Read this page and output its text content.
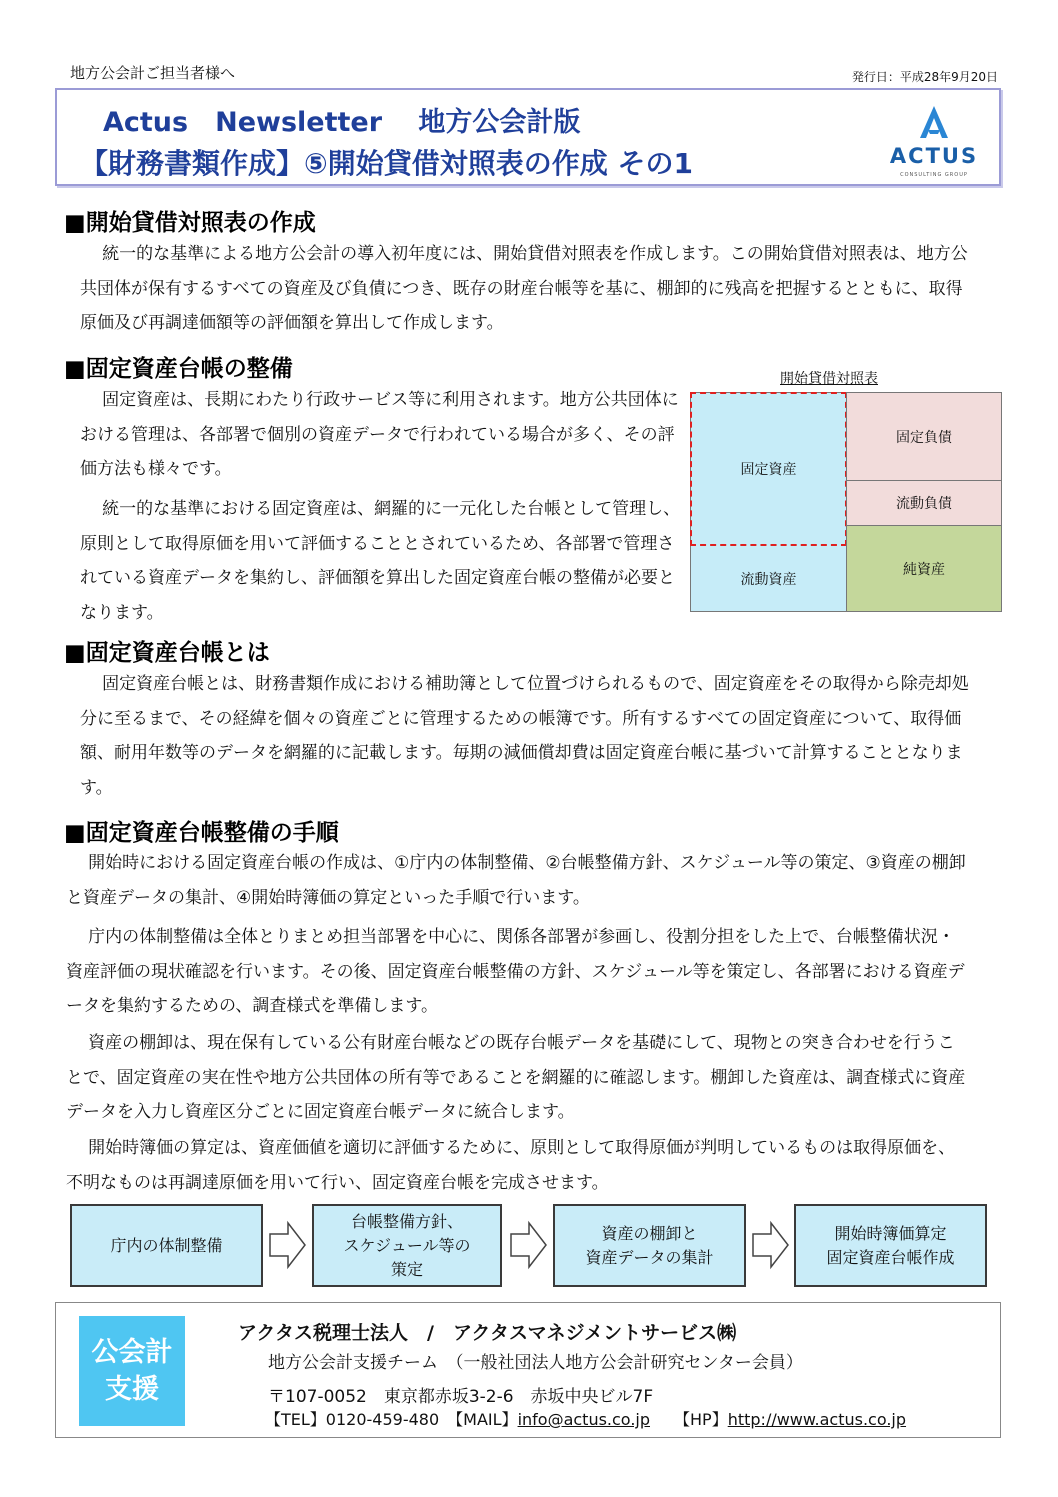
地方公会計ご担当者様へ	発行日：平成28年9月20日
Actus　Newsletter　 地方公会計版
【財務書類作成】⑤開始貸借対照表の作成 その1	ACTUS
CONSULTING GROUP
■開始貸借対照表の作成

統一的な基準による地方公会計の導入初年度には、開始貸借対照表を作成します。この開始貸借対照表は、地方公共団体が保有するすべての資産及び負債につき、既存の財産台帳等を基に、棚卸的に残高を把握するとともに、取得原価及び再調達価額等の評価額を算出して作成します。

■固定資産台帳の整備

固定資産は、長期にわたり行政サービス等に利用されます。地方公共団体における管理は、各部署で個別の資産データで行われている場合が多く、その評価方法も様々です。

統一的な基準における固定資産は、網羅的に一元化した台帳として管理し、原則として取得原価を用いて評価することとされているため、各部署で管理されている資産データを集約し、評価額を算出した固定資産台帳の整備が必要となります。

開始貸借対照表
固定資産
流動資産
固定負債
流動負債
純資産
■固定資産台帳とは

固定資産台帳とは、財務書類作成における補助簿として位置づけられるもので、固定資産をその取得から除売却処分に至るまで、その経緯を個々の資産ごとに管理するための帳簿です。所有するすべての固定資産について、取得価額、耐用年数等のデータを網羅的に記載します。毎期の減価償却費は固定資産台帳に基づいて計算することとなります。

■固定資産台帳整備の手順

開始時における固定資産台帳の作成は、①庁内の体制整備、②台帳整備方針、スケジュール等の策定、③資産の棚卸と資産データの集計、④開始時簿価の算定といった手順で行います。

庁内の体制整備は全体とりまとめ担当部署を中心に、関係各部署が参画し、役割分担をした上で、台帳整備状況・資産評価の現状確認を行います。その後、固定資産台帳整備の方針、スケジュール等を策定し、各部署における資産データを集約するための、調査様式を準備します。

資産の棚卸は、現在保有している公有財産台帳などの既存台帳データを基礎にして、現物との突き合わせを行うことで、固定資産の実在性や地方公共団体の所有等であることを網羅的に確認します。棚卸した資産は、調査様式に資産データを入力し資産区分ごとに固定資産台帳データに統合します。

開始時簿価の算定は、資産価値を適切に評価するために、原則として取得原価が判明しているものは取得原価を、不明なものは再調達原価を用いて行い、固定資産台帳を完成させます。

庁内の体制整備
台帳整備方針、
スケジュール等の
策定
資産の棚卸と
資産データの集計
開始時簿価算定
固定資産台帳作成
公会計
支援
アクタス税理士法人　/　アクタスマネジメントサービス㈱
地方公会計支援チーム　（一般社団法人地方公会計研究センター会員）
〒107-0052　東京都赤坂3-2-6　赤坂中央ビル7F
【TEL】0120-459-480　 【MAIL】info@actus.co.jp　　 【HP】http://www.actus.co.jp
